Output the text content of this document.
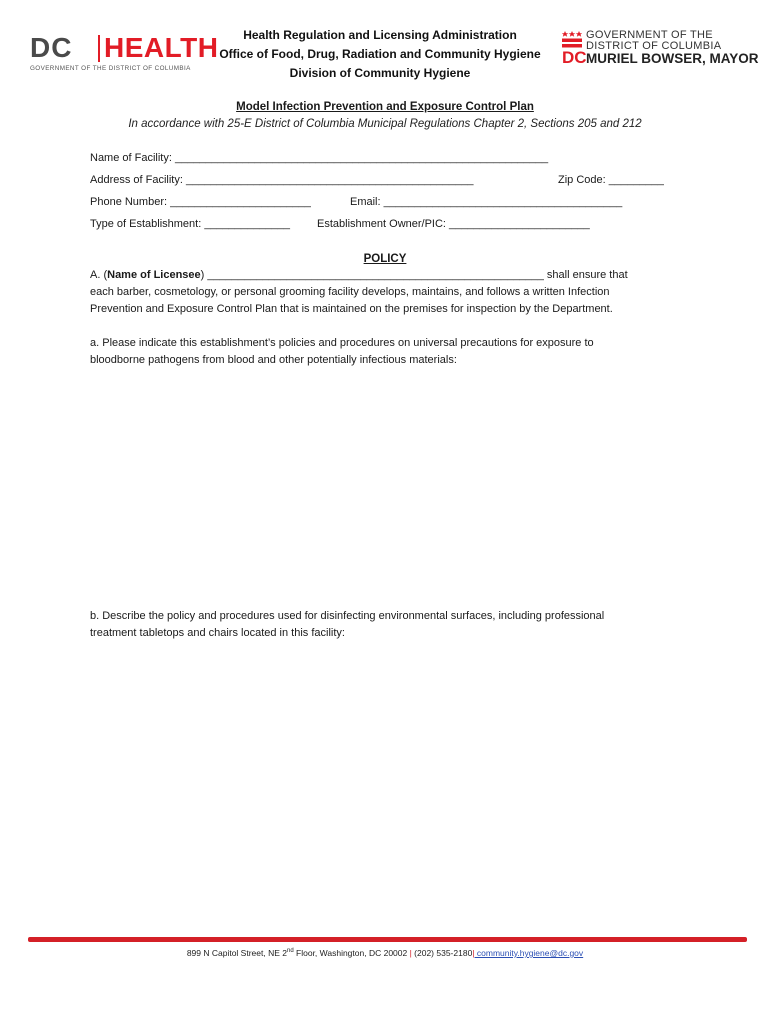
DC HEALTH
GOVERNMENT OF THE DISTRICT OF COLUMBIA
Health Regulation and Licensing Administration
Office of Food, Drug, Radiation and Community Hygiene
Division of Community Hygiene
GOVERNMENT OF THE
DISTRICT OF COLUMBIA
DC MURIEL BOWSER, MAYOR
Model Infection Prevention and Exposure Control Plan
In accordance with 25-E District of Columbia Municipal Regulations Chapter 2, Sections 205 and 212
Name of Facility: _____________________________________________________________
Address of Facility: _______________________________________________	Zip Code: _________
Phone Number: _______________________	Email: _______________________________________
Type of Establishment: ______________ Establishment Owner/PIC: _______________________
POLICY
A. (Name of Licensee) _______________________________________________________ shall ensure that
each barber, cosmetology, or personal grooming facility develops, maintains, and follows a written Infection
Prevention and Exposure Control Plan that is maintained on the premises for inspection by the Department.
a. Please indicate this establishment’s policies and procedures on universal precautions for exposure to
bloodborne pathogens from blood and other potentially infectious materials:
b. Describe the policy and procedures used for disinfecting environmental surfaces, including professional
treatment tabletops and chairs located in this facility:
899 N Capitol Street, NE 2nd Floor, Washington, DC 20002 | (202) 535-2180| community.hygiene@dc.gov
